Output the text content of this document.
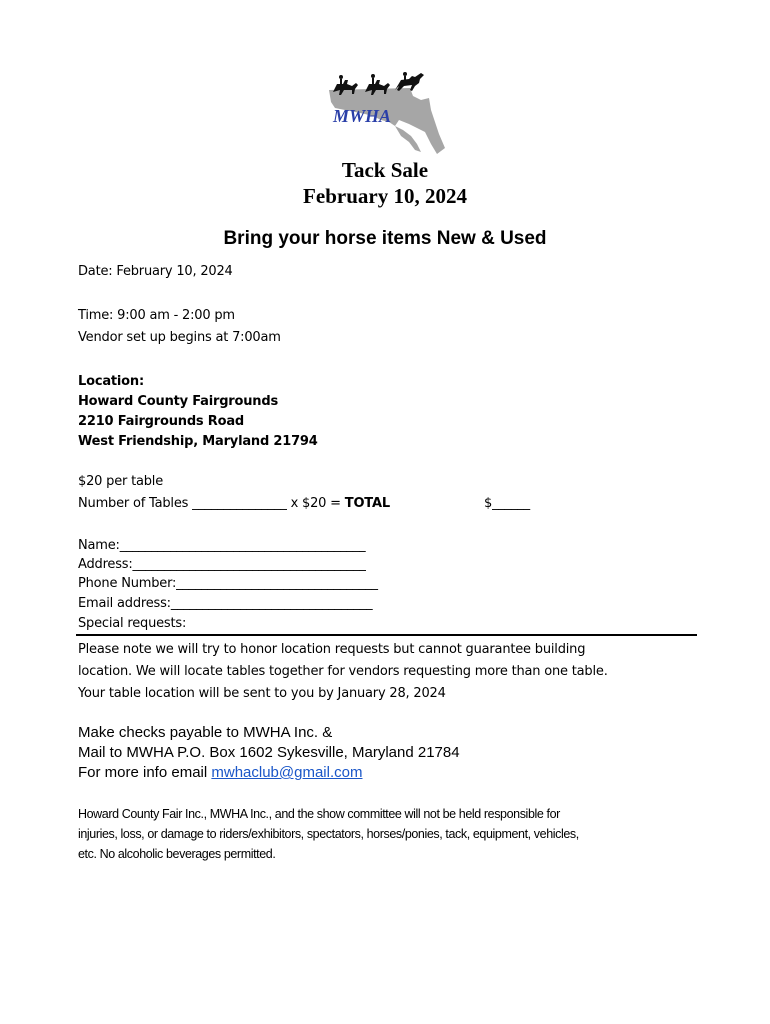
MWHA
Tack Sale
February 10, 2024
Bring your horse items New & Used
Date: February 10, 2024
Time: 9:00 am - 2:00 pm
Vendor set up begins at 7:00am
Location:
Howard County Fairgrounds
2210 Fairgrounds Road
West Friendship, Maryland 21794
$20 per table
Number of Tables _______________ x $20 = TOTAL	$______
Name:_______________________________________
Address:_____________________________________
Phone Number:________________________________
Email address:________________________________
Special requests:
Please note we will try to honor location requests but cannot guarantee building
location. We will locate tables together for vendors requesting more than one table.
Your table location will be sent to you by January 28, 2024
Make checks payable to MWHA Inc. &
Mail to MWHA P.O. Box 1602 Sykesville, Maryland 21784
For more info email mwhaclub@gmail.com
Howard County Fair Inc., MWHA Inc., and the show committee will not be held responsible for
injuries, loss, or damage to riders/exhibitors, spectators, horses/ponies, tack, equipment, vehicles,
etc. No alcoholic beverages permitted.
